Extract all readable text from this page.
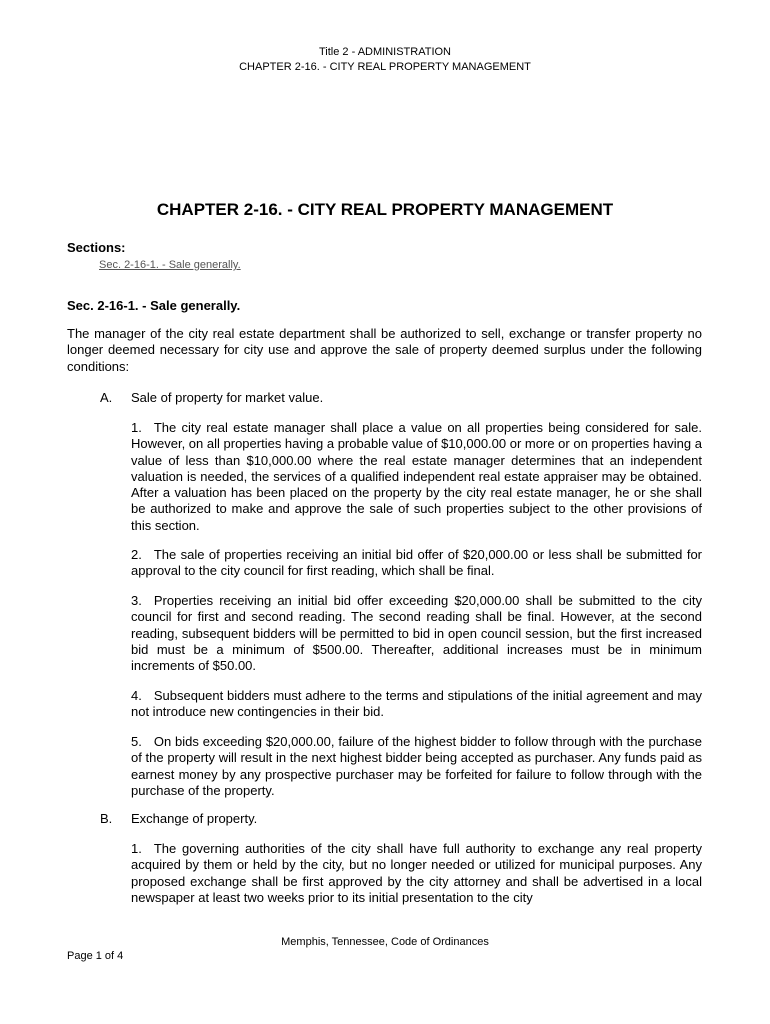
Title 2 - ADMINISTRATION
CHAPTER 2-16. - CITY REAL PROPERTY MANAGEMENT
CHAPTER 2-16. - CITY REAL PROPERTY MANAGEMENT
Sections:
Sec. 2-16-1. - Sale generally.
Sec. 2-16-1. - Sale generally.

The manager of the city real estate department shall be authorized to sell, exchange or transfer property no longer deemed necessary for city use and approve the sale of property deemed surplus under the following conditions:

A. Sale of property for market value.

1. The city real estate manager shall place a value on all properties being considered for sale. However, on all properties having a probable value of $10,000.00 or more or on properties having a value of less than $10,000.00 where the real estate manager determines that an independent valuation is needed, the services of a qualified independent real estate appraiser may be obtained. After a valuation has been placed on the property by the city real estate manager, he or she shall be authorized to make and approve the sale of such properties subject to the other provisions of this section.

2. The sale of properties receiving an initial bid offer of $20,000.00 or less shall be submitted for approval to the city council for first reading, which shall be final.

3. Properties receiving an initial bid offer exceeding $20,000.00 shall be submitted to the city council for first and second reading. The second reading shall be final. However, at the second reading, subsequent bidders will be permitted to bid in open council session, but the first increased bid must be a minimum of $500.00. Thereafter, additional increases must be in minimum increments of $50.00.

4. Subsequent bidders must adhere to the terms and stipulations of the initial agreement and may not introduce new contingencies in their bid.

5. On bids exceeding $20,000.00, failure of the highest bidder to follow through with the purchase of the property will result in the next highest bidder being accepted as purchaser. Any funds paid as earnest money by any prospective purchaser may be forfeited for failure to follow through with the purchase of the property.

B. Exchange of property.

1. The governing authorities of the city shall have full authority to exchange any real property acquired by them or held by the city, but no longer needed or utilized for municipal purposes. Any proposed exchange shall be first approved by the city attorney and shall be advertised in a local newspaper at least two weeks prior to its initial presentation to the city

Memphis, Tennessee, Code of Ordinances
Page 1 of 4
